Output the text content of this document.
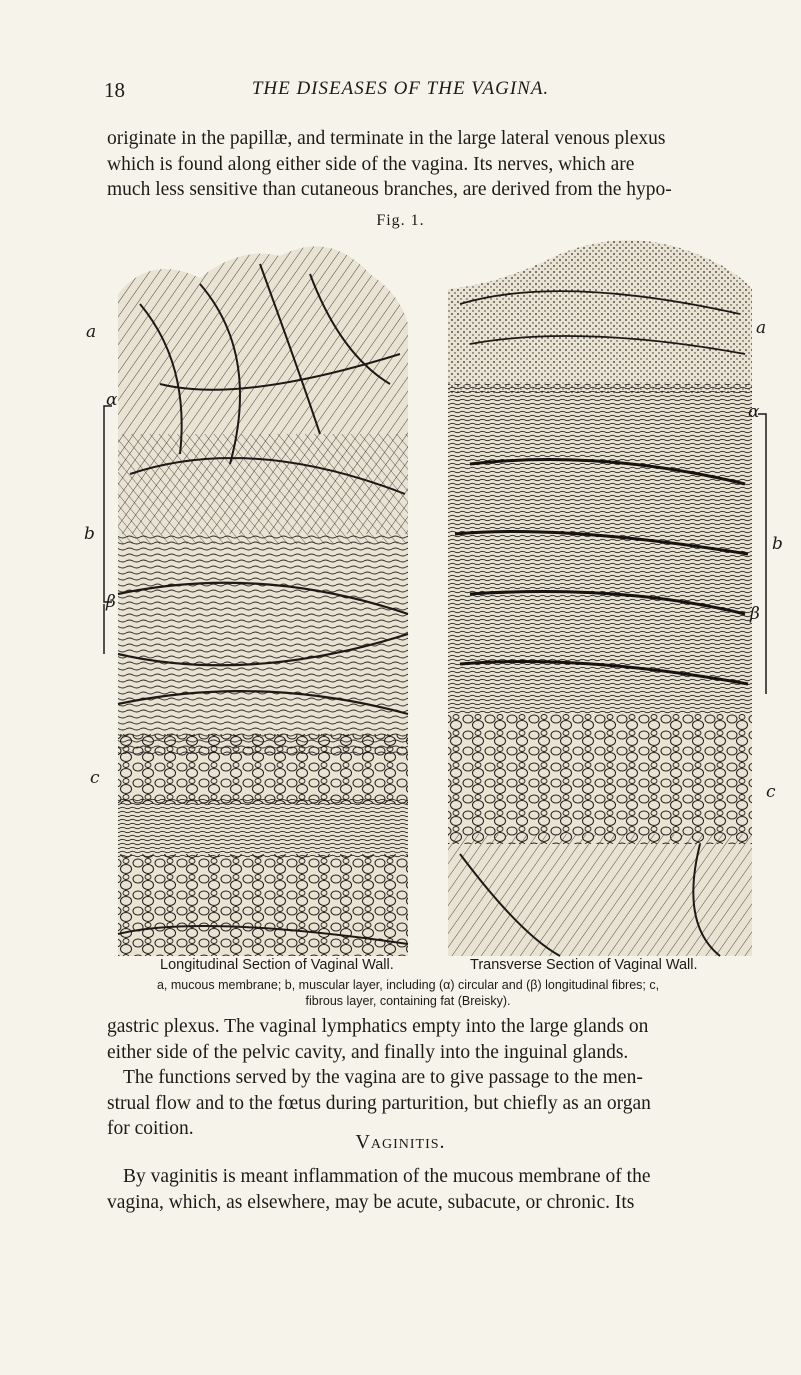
18	THE DISEASES OF THE VAGINA.

originate in the papillæ, and terminate in the large lateral venous plexus
which is found along either side of the vagina. Its nerves, which are
much less sensitive than cutaneous branches, are derived from the hypo-

Fig. 1.
a
α
b
β
c
a
α
b
β
c
Longitudinal Section of Vaginal Wall.	Transverse Section of Vaginal Wall.
a, mucous membrane; b, muscular layer, including (α) circular and (β) longitudinal fibres; c,
fibrous layer, containing fat (Breisky).

gastric plexus. The vaginal lymphatics empty into the large glands on
either side of the pelvic cavity, and finally into the inguinal glands.
The functions served by the vagina are to give passage to the men-
strual flow and to the fœtus during parturition, but chiefly as an organ
for coition.

Vaginitis.

By vaginitis is meant inflammation of the mucous membrane of the
vagina, which, as elsewhere, may be acute, subacute, or chronic. Its
